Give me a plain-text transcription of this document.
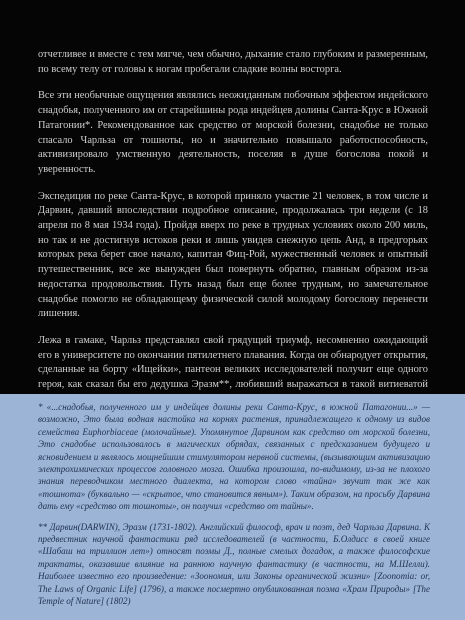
отчетливее и вместе с тем мягче, чем обычно, дыхание стало глубоким и размеренным, по всему телу от головы к ногам пробегали сладкие волны восторга.

Все эти необычные ощущения являлись неожиданным побочным эффектом индейского снадобья, полученного им от старейшины рода индейцев долины Санта-Крус в Южной Патагонии*. Рекомендованное как средство от морской болезни, снадобье не только спасало Чарльза от тошноты, но и значительно повышало работоспособность, активизировало умственную деятельность, поселяя в душе богослова покой и уверенность.

Экспедиция по реке Санта-Крус, в которой приняло участие 21 человек, в том числе и Дарвин, давший впоследствии подробное описание, продолжалась три недели (с 18 апреля по 8 мая 1934 года). Пройдя вверх по реке в трудных условиях около 200 миль, но так и не достигнув истоков реки и лишь увидев снежную цепь Анд, в предгорьях которых река берет свое начало, капитан Фиц-Рой, мужественный человек и опытный путешественник, все же вынужден был повернуть обратно, главным образом из-за недостатка продовольствия. Путь назад был еще более трудным, но замечательное снадобье помогло не обладающему физической силой молодому богослову перенести лишения.

Лежа в гамаке, Чарльз представлял свой грядущий триумф, несомненно ожидающий его в университете по окончании пятилетнего плавания. Когда он обнародует открытия, сделанные на борту «Ищейки», пантеон великих исследователей получит еще одного героя, как сказал бы его дедушка Эразм**, любивший выражаться в такой витиеватой

* «...снадобья, полученного им у индейцев долины реки Санта-Крус, в южной Патагонии...» — возможно, Это была водная настойка на корнях растения, принадлежащего к одному из видов семейства Euphorbiaceae (молочайные). Упомянутое Дарвином как средство от морской болезни, Это снадобье использовалось в магических обрядах, связанных с предсказанием будущего и ясновидением и являлось мощнейшим стимулятором нервной системы, (вызывающим активизацию электрохимических процессов головного мозга. Ошибка произошла, по-видимому, из-за не плохого знания переводчиком местного диалекта, на котором слово «тайна» звучит так же как «тошнота» (буквально — «скрытое, что становится явным»). Таким образом, на просьбу Дарвина дать ему «средство от тошноты», он получил «средство от тайны».

** Дарвин(DARWIN), Эразм (1731-1802). Английский философ, врач и поэт, дед Чарльза Дарвина. К предвестник научной фантастики ряд исследователей (в частности, Б.Олдисс в своей книге «Шабаш на триллион лет») относят поэмы Д., полные смелых догадок, а также философские трактаты, оказавшие влияние на раннюю научную фантастику (в частности, на М.Шелли). Наиболее известно его произведение: «Зоономия, или Законы органической жизни» [Zoonomia: or, The Laws of Organic Life] (1796), а также посмертно опубликованная поэма «Храм Природы» [The Temple of Nature] (1802)
